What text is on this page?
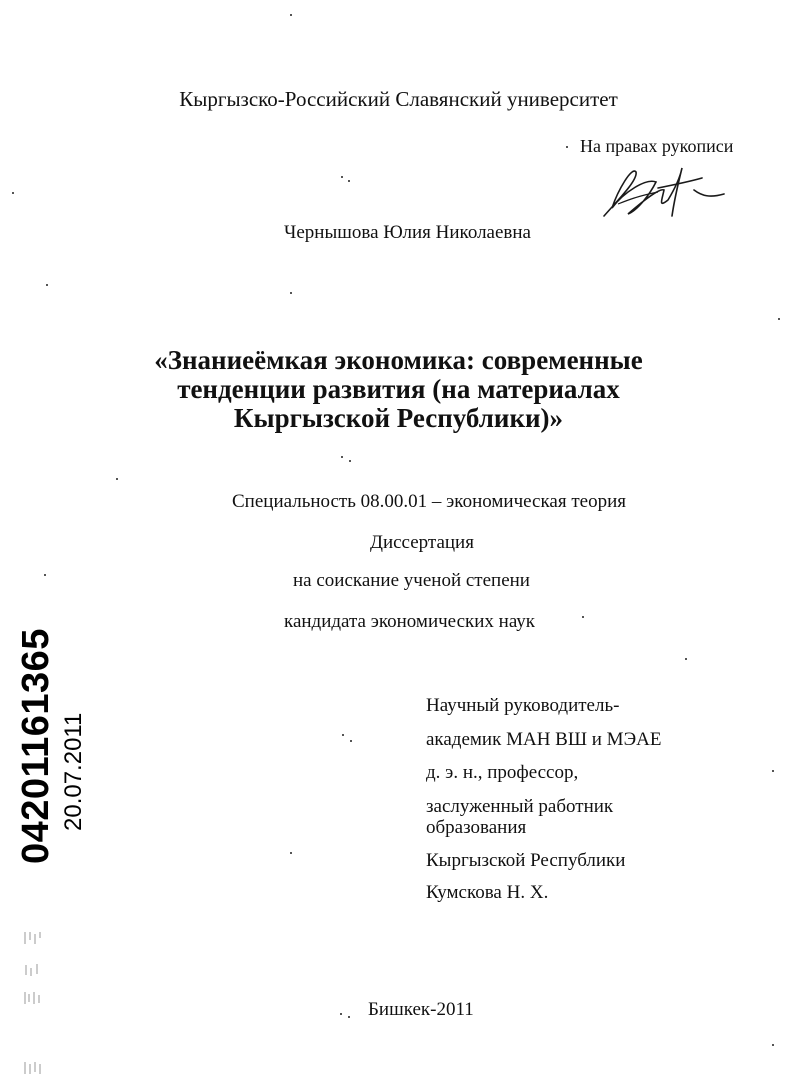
Кыргызско-Российский Славянский университет
На правах рукописи
Чернышова Юлия Николаевна
«Знаниеёмкая экономика: современные
тенденции развития (на материалах
Кыргызской Республики)»
Специальность 08.00.01 – экономическая теория
Диссертация
на соискание ученой степени
кандидата экономических наук
Научный руководитель-
академик МАН ВШ и МЭАЕ
д. э. н., профессор,
заслуженный работник
образования
Кыргызской Республики
Кумскова Н. Х.
Бишкек-2011
04201161365 20.07.2011
